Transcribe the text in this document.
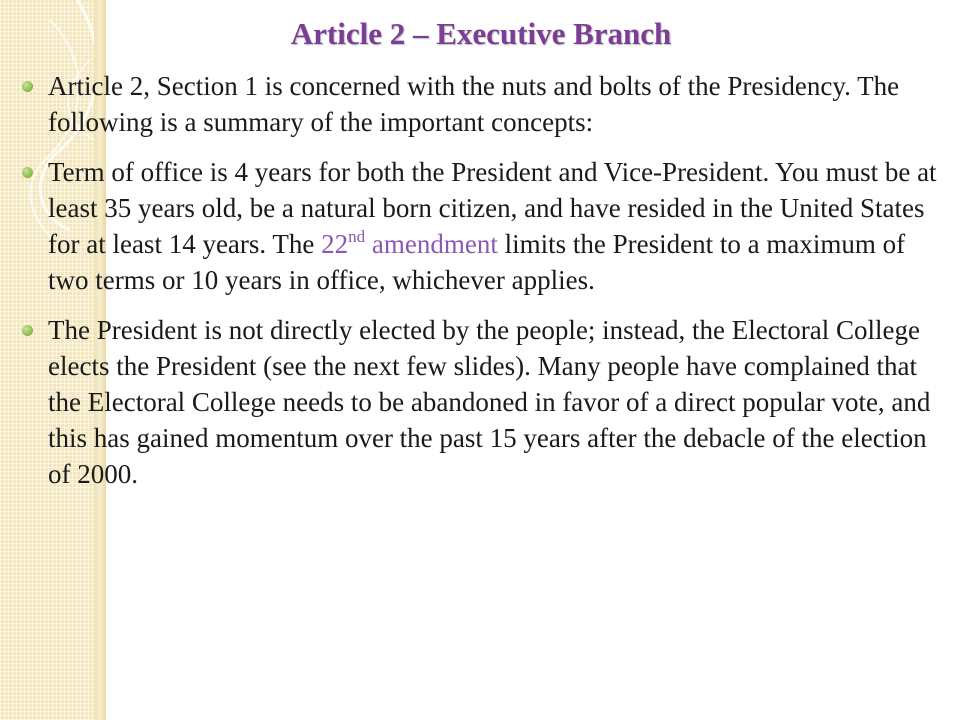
Article 2 – Executive Branch
Article 2, Section 1 is concerned with the nuts and bolts of the Presidency. The following is a summary of the important concepts:
Term of office is 4 years for both the President and Vice-President. You must be at least 35 years old, be a natural born citizen, and have resided in the United States for at least 14 years. The 22nd amendment limits the President to a maximum of two terms or 10 years in office, whichever applies.
The President is not directly elected by the people; instead, the Electoral College elects the President (see the next few slides). Many people have complained that the Electoral College needs to be abandoned in favor of a direct popular vote, and this has gained momentum over the past 15 years after the debacle of the election of 2000.
